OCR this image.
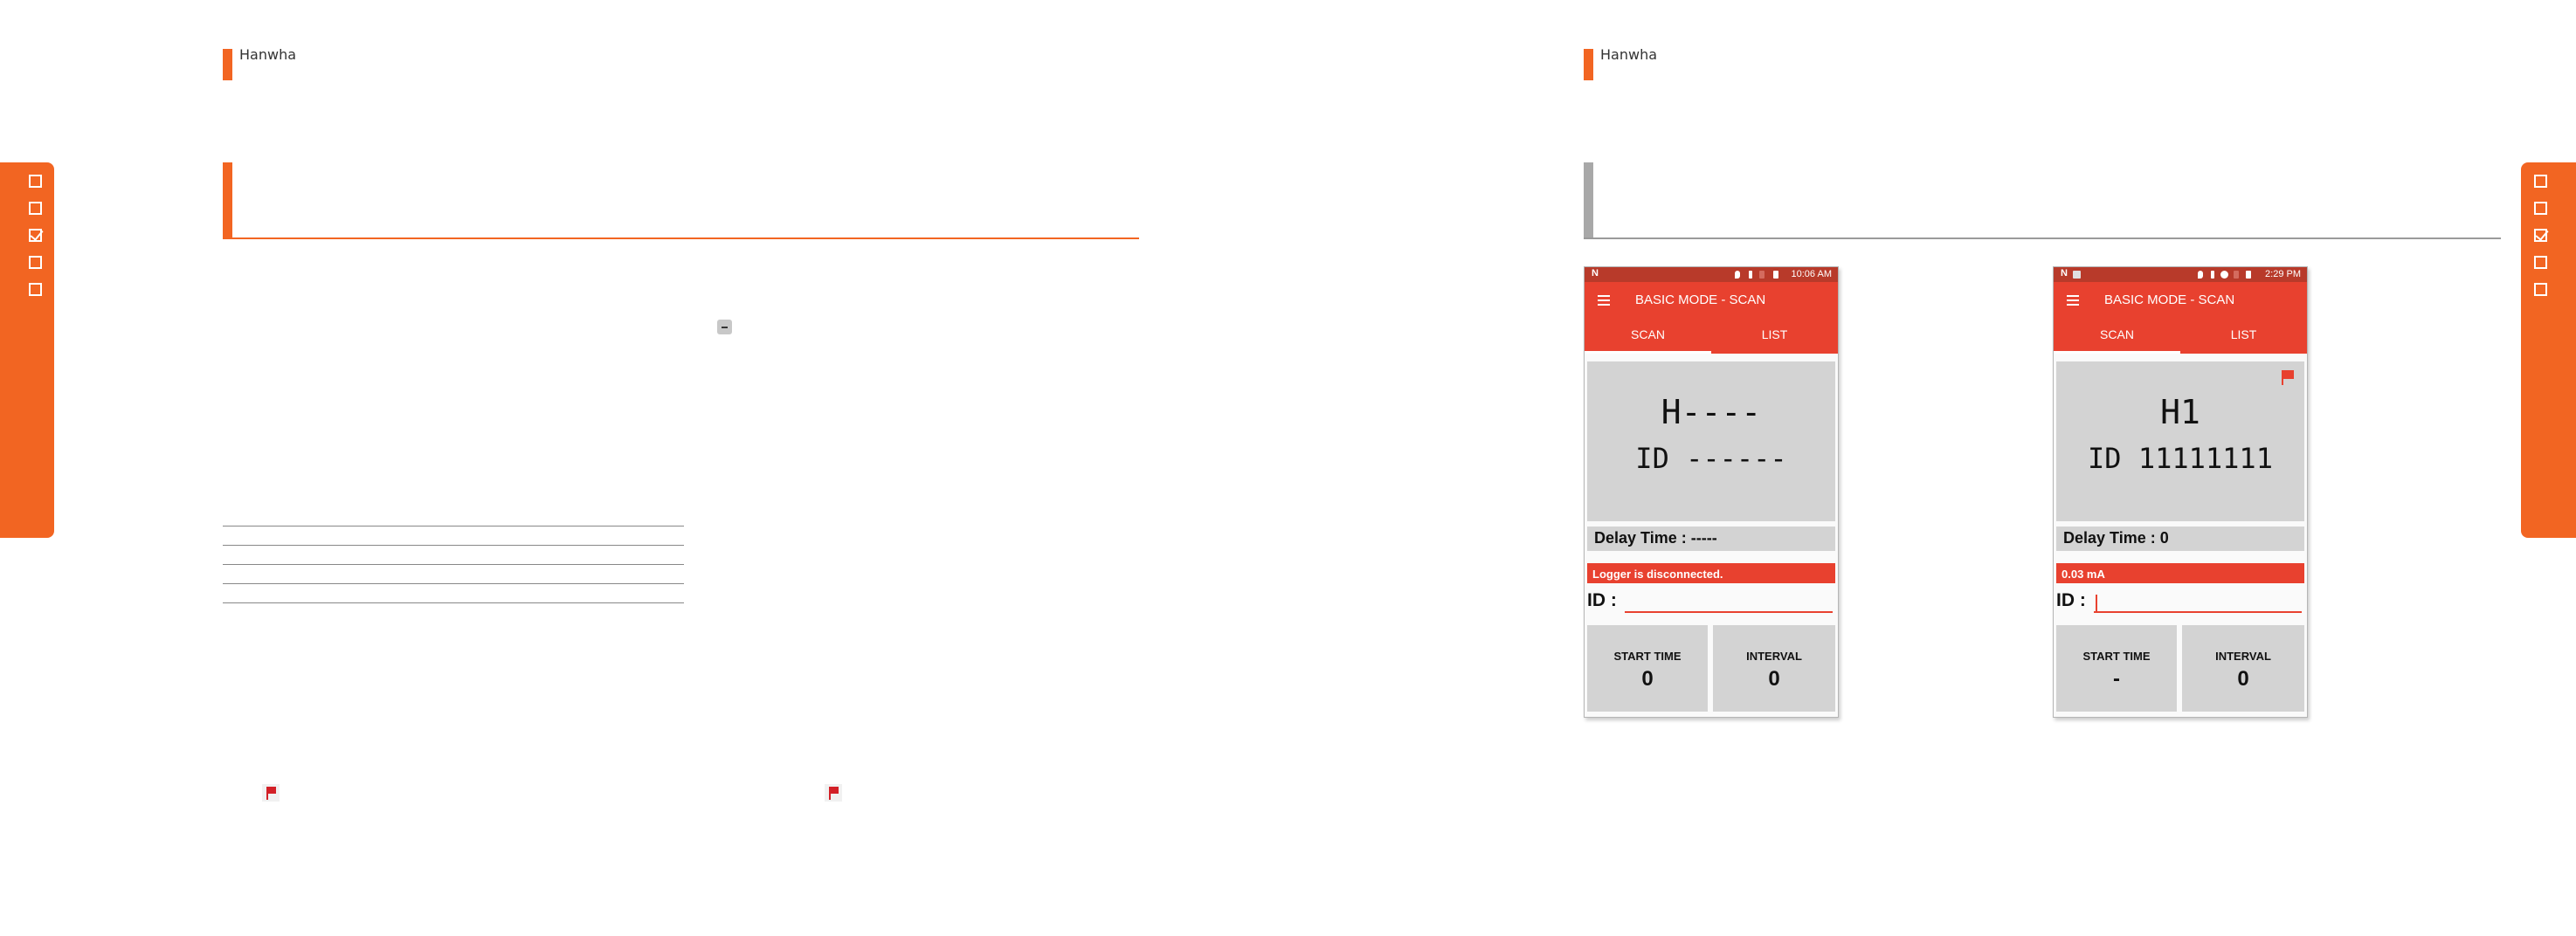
Hanwha	Hanwha
N	10:06 AM
BASIC MODE - SCAN
SCAN	LIST
H----
ID ------
Delay Time : -----
Logger is disconnected.
ID :
START TIME
0
INTERVAL
0
N	2:29 PM
BASIC MODE - SCAN
SCAN	LIST
H1
ID 11111111
Delay Time : 0
0.03 mA
ID :
START TIME
-
INTERVAL
0
